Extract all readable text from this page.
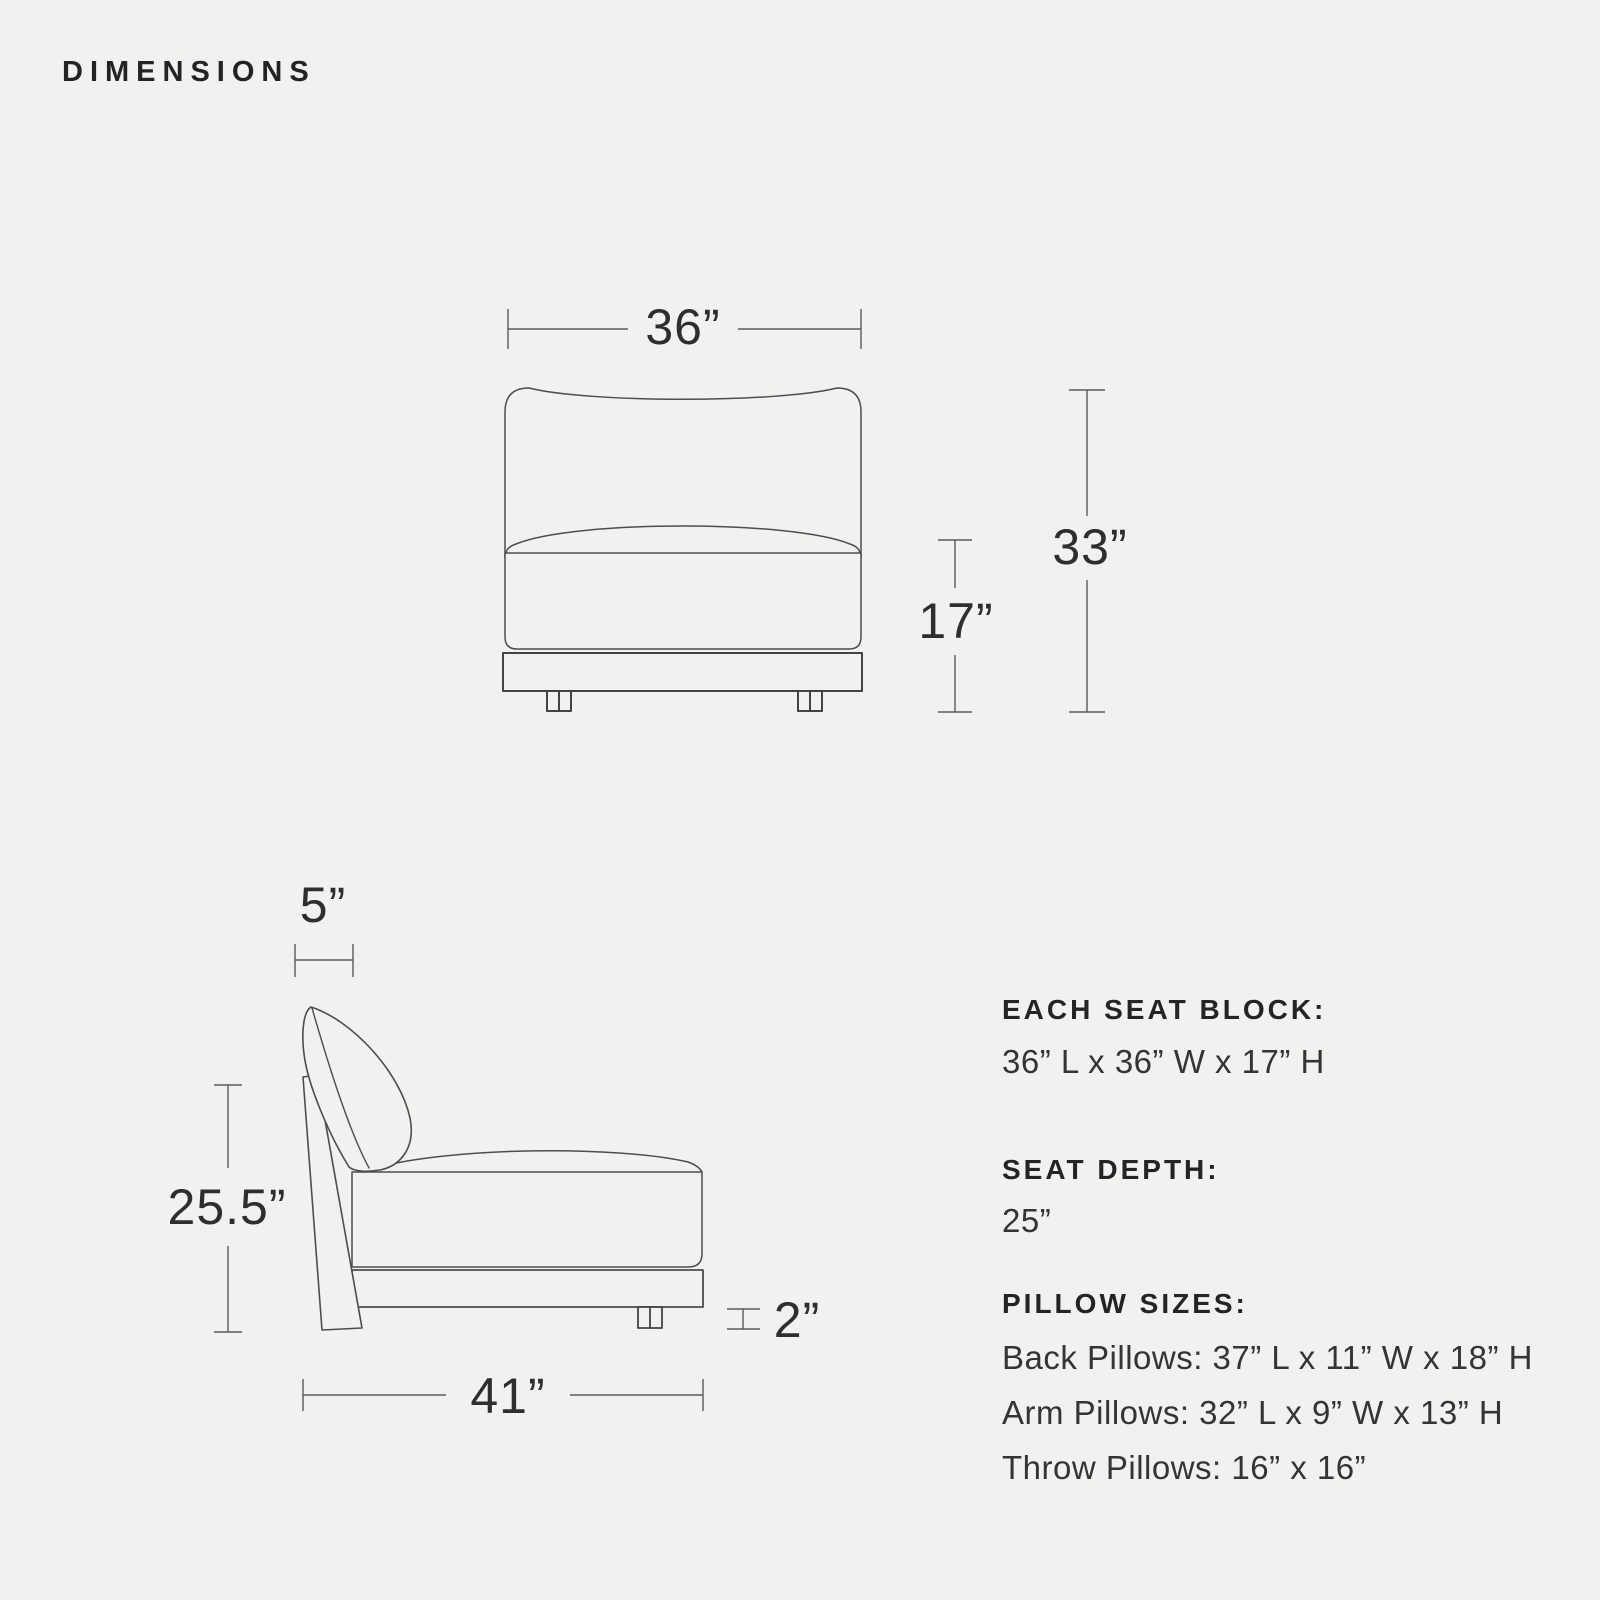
DIMENSIONS
36”
17”
33”
5”
25.5”
41”
2”
EACH SEAT BLOCK:
36” L x 36” W x 17” H
SEAT DEPTH:
25”
PILLOW SIZES:
Back Pillows: 37” L x 11” W x 18” H
Arm Pillows: 32” L x 9” W x 13” H
Throw Pillows: 16” x 16”
